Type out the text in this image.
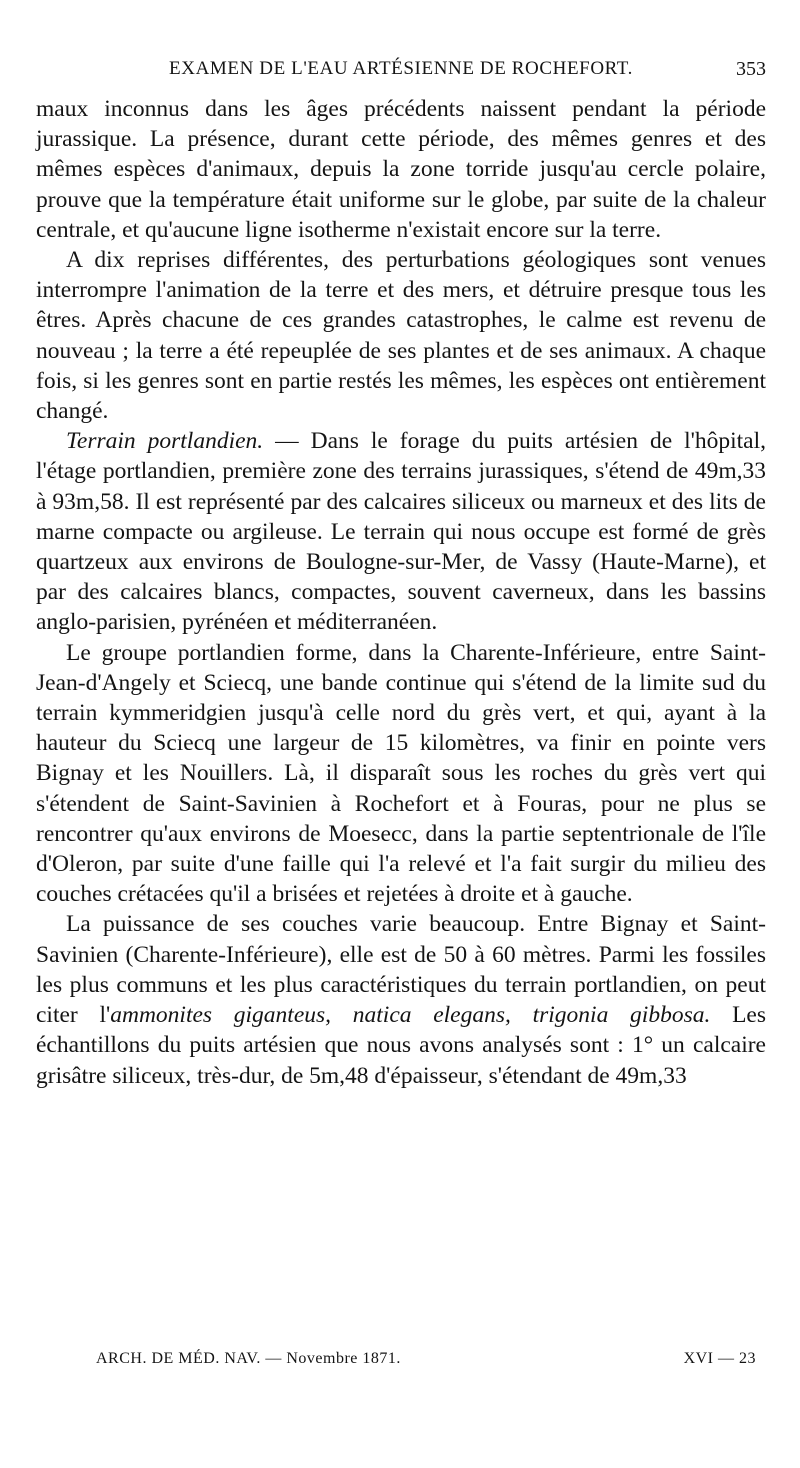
EXAMEN DE L'EAU ARTÉSIENNE DE ROCHEFORT.	353

maux inconnus dans les âges précédents naissent pendant la période jurassique. La présence, durant cette période, des mêmes genres et des mêmes espèces d'animaux, depuis la zone torride jusqu'au cercle polaire, prouve que la température était uniforme sur le globe, par suite de la chaleur centrale, et qu'aucune ligne isotherme n'existait encore sur la terre.

A dix reprises différentes, des perturbations géologiques sont venues interrompre l'animation de la terre et des mers, et détruire presque tous les êtres. Après chacune de ces grandes catastrophes, le calme est revenu de nouveau ; la terre a été repeuplée de ses plantes et de ses animaux. A chaque fois, si les genres sont en partie restés les mêmes, les espèces ont entièrement changé.

Terrain portlandien. — Dans le forage du puits artésien de l'hôpital, l'étage portlandien, première zone des terrains jurassiques, s'étend de 49m,33 à 93m,58. Il est représenté par des calcaires siliceux ou marneux et des lits de marne compacte ou argileuse. Le terrain qui nous occupe est formé de grès quartzeux aux environs de Boulogne-sur-Mer, de Vassy (Haute-Marne), et par des calcaires blancs, compactes, souvent caverneux, dans les bassins anglo-parisien, pyrénéen et méditerranéen.

Le groupe portlandien forme, dans la Charente-Inférieure, entre Saint-Jean-d'Angely et Sciecq, une bande continue qui s'étend de la limite sud du terrain kymmeridgien jusqu'à celle nord du grès vert, et qui, ayant à la hauteur du Sciecq une largeur de 15 kilomètres, va finir en pointe vers Bignay et les Nouillers. Là, il disparaît sous les roches du grès vert qui s'étendent de Saint-Savinien à Rochefort et à Fouras, pour ne plus se rencontrer qu'aux environs de Moesecc, dans la partie septentrionale de l'île d'Oleron, par suite d'une faille qui l'a relevé et l'a fait surgir du milieu des couches crétacées qu'il a brisées et rejetées à droite et à gauche.

La puissance de ses couches varie beaucoup. Entre Bignay et Saint-Savinien (Charente-Inférieure), elle est de 50 à 60 mètres. Parmi les fossiles les plus communs et les plus caractéristiques du terrain portlandien, on peut citer l'ammonites giganteus, natica elegans, trigonia gibbosa. Les échantillons du puits artésien que nous avons analysés sont : 1° un calcaire grisâtre siliceux, très-dur, de 5m,48 d'épaisseur, s'étendant de 49m,33

ARCH. DE MÉD. NAV. — Novembre 1871.	XVI — 23
